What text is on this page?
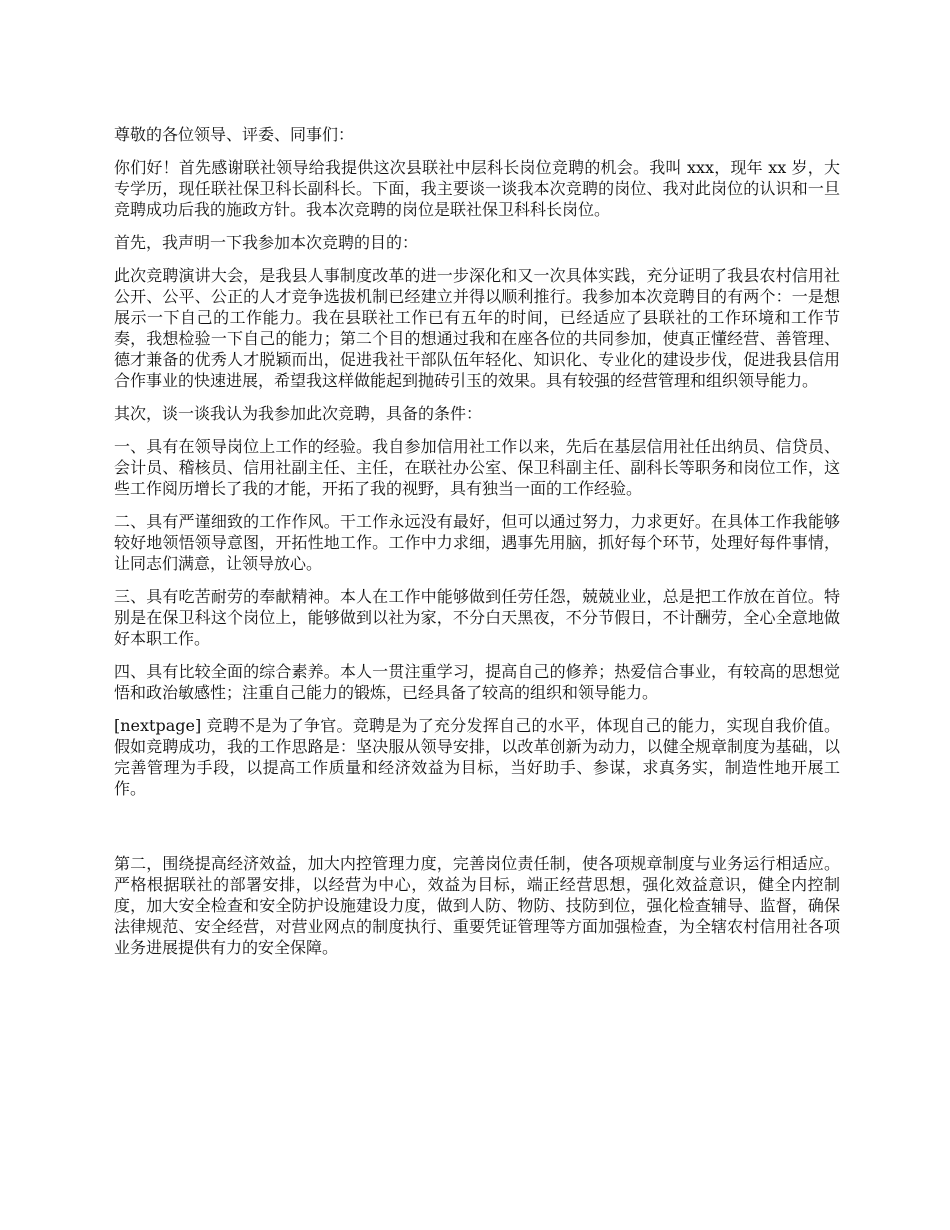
尊敬的各位领导、评委、同事们：

你们好！首先感谢联社领导给我提供这次县联社中层科长岗位竞聘的机会。我叫 xxx，现年 xx 岁，大专学历，现任联社保卫科长副科长。下面，我主要谈一谈我本次竞聘的岗位、我对此岗位的认识和一旦竞聘成功后我的施政方针。我本次竞聘的岗位是联社保卫科科长岗位。

首先，我声明一下我参加本次竞聘的目的：

此次竞聘演讲大会，是我县人事制度改革的进一步深化和又一次具体实践，充分证明了我县农村信用社公开、公平、公正的人才竞争选拔机制已经建立并得以顺利推行。我参加本次竞聘目的有两个：一是想展示一下自己的工作能力。我在县联社工作已有五年的时间，已经适应了县联社的工作环境和工作节奏，我想检验一下自己的能力；第二个目的想通过我和在座各位的共同参加，使真正懂经营、善管理、德才兼备的优秀人才脱颖而出，促进我社干部队伍年轻化、知识化、专业化的建设步伐，促进我县信用合作事业的快速进展，希望我这样做能起到抛砖引玉的效果。具有较强的经营管理和组织领导能力。

其次，谈一谈我认为我参加此次竞聘，具备的条件：

一、具有在领导岗位上工作的经验。我自参加信用社工作以来，先后在基层信用社任出纳员、信贷员、会计员、稽核员、信用社副主任、主任，在联社办公室、保卫科副主任、副科长等职务和岗位工作，这些工作阅历增长了我的才能，开拓了我的视野，具有独当一面的工作经验。

二、具有严谨细致的工作作风。干工作永远没有最好，但可以通过努力，力求更好。在具体工作我能够较好地领悟领导意图，开拓性地工作。工作中力求细，遇事先用脑，抓好每个环节，处理好每件事情，让同志们满意，让领导放心。

三、具有吃苦耐劳的奉献精神。本人在工作中能够做到任劳任怨，兢兢业业，总是把工作放在首位。特别是在保卫科这个岗位上，能够做到以社为家，不分白天黑夜，不分节假日，不计酬劳，全心全意地做好本职工作。

四、具有比较全面的综合素养。本人一贯注重学习，提高自己的修养；热爱信合事业，有较高的思想觉悟和政治敏感性；注重自己能力的锻炼，已经具备了较高的组织和领导能力。

[nextpage] 竞聘不是为了争官。竞聘是为了充分发挥自己的水平，体现自己的能力，实现自我价值。假如竞聘成功，我的工作思路是：坚决服从领导安排，以改革创新为动力，以健全规章制度为基础，以完善管理为手段，以提高工作质量和经济效益为目标，当好助手、参谋，求真务实，制造性地开展工作。

第二，围绕提高经济效益，加大内控管理力度，完善岗位责任制，使各项规章制度与业务运行相适应。严格根据联社的部署安排，以经营为中心，效益为目标，端正经营思想，强化效益意识，健全内控制度，加大安全检查和安全防护设施建设力度，做到人防、物防、技防到位，强化检查辅导、监督，确保法律规范、安全经营，对营业网点的制度执行、重要凭证管理等方面加强检查，为全辖农村信用社各项业务进展提供有力的安全保障。
